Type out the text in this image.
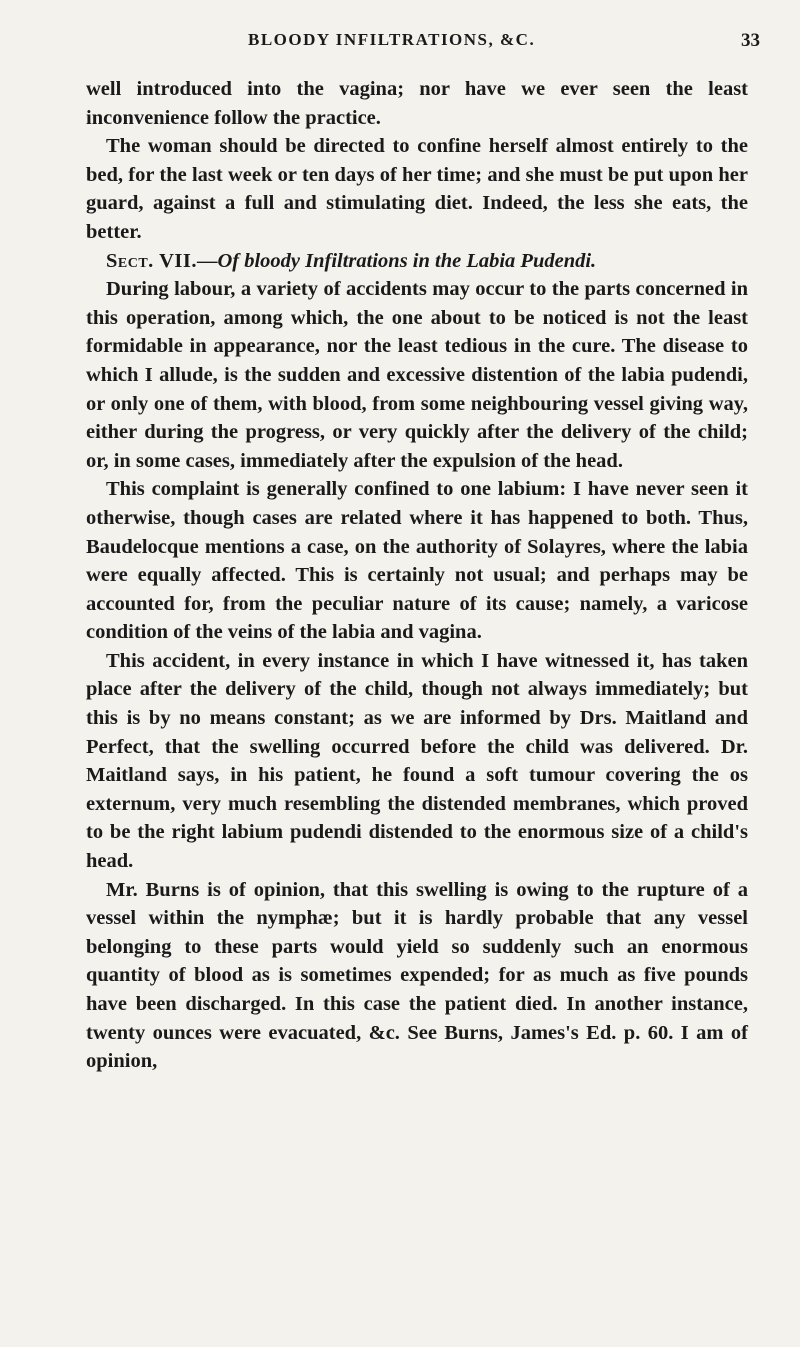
BLOODY INFILTRATIONS, &C.	33

well introduced into the vagina; nor have we ever seen the least inconvenience follow the practice.

The woman should be directed to confine herself almost entirely to the bed, for the last week or ten days of her time; and she must be put upon her guard, against a full and stimulating diet. Indeed, the less she eats, the better.

Sect. VII.—Of bloody Infiltrations in the Labia Pudendi.

During labour, a variety of accidents may occur to the parts concerned in this operation, among which, the one about to be noticed is not the least formidable in appearance, nor the least tedious in the cure. The disease to which I allude, is the sudden and excessive distention of the labia pudendi, or only one of them, with blood, from some neighbouring vessel giving way, either during the progress, or very quickly after the delivery of the child; or, in some cases, immediately after the expulsion of the head.

This complaint is generally confined to one labium: I have never seen it otherwise, though cases are related where it has happened to both. Thus, Baudelocque mentions a case, on the authority of Solayres, where the labia were equally affected. This is certainly not usual; and perhaps may be accounted for, from the peculiar nature of its cause; namely, a varicose condition of the veins of the labia and vagina.

This accident, in every instance in which I have witnessed it, has taken place after the delivery of the child, though not always immediately; but this is by no means constant; as we are informed by Drs. Maitland and Perfect, that the swelling occurred before the child was delivered. Dr. Maitland says, in his patient, he found a soft tumour covering the os externum, very much resembling the distended membranes, which proved to be the right labium pudendi distended to the enormous size of a child's head.

Mr. Burns is of opinion, that this swelling is owing to the rupture of a vessel within the nymphæ; but it is hardly probable that any vessel belonging to these parts would yield so suddenly such an enormous quantity of blood as is sometimes expended; for as much as five pounds have been discharged. In this case the patient died. In another instance, twenty ounces were evacuated, &c. See Burns, James's Ed. p. 60. I am of opinion,
